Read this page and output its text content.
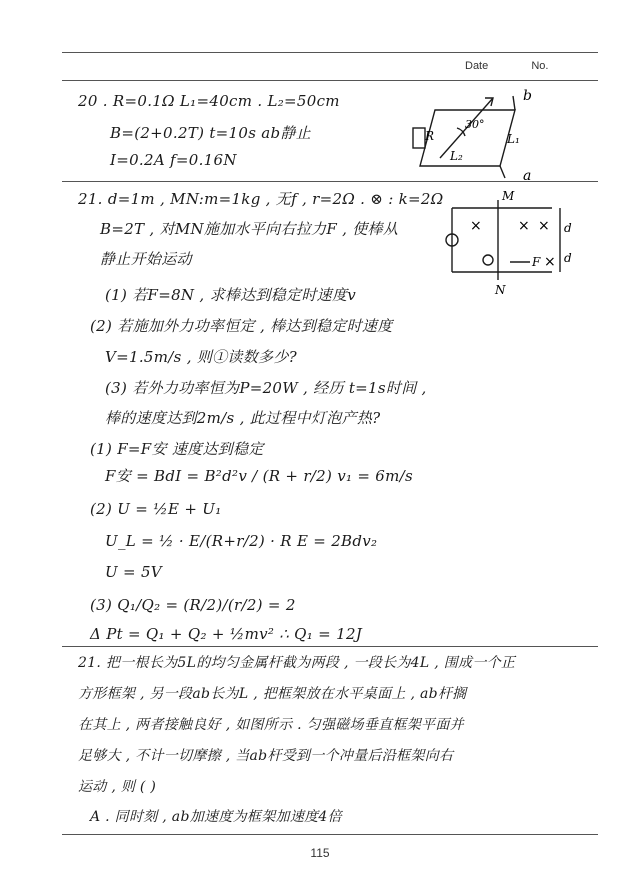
Date	No.
20 . R=0.1Ω L₁=40cm . L₂=50cm
B=(2+0.2T) t=10s ab静止
I=0.2A f=0.16N
21. d=1m , MN:m=1kg , 无f , r=2Ω . ⊗ : k=2Ω
B=2T , 对MN施加水平向右拉力F , 使棒从
静止开始运动
(1) 若F=8N , 求棒达到稳定时速度v
(2) 若施加外力功率恒定 , 棒达到稳定时速度
V=1.5m/s , 则①读数多少?
(3) 若外力功率恒为P=20W , 经历 t=1s时间 ,
棒的速度达到2m/s , 此过程中灯泡产热?
(1) F=F安 速度达到稳定
F安 = BdI = B²d²v / (R + r/2) v₁ = 6m/s
(2) U = ½E + U₁
U_L = ½ · E/(R+r/2) · R E = 2Bdv₂
U = 5V
(3) Q₁/Q₂ = (R/2)/(r/2) = 2
Δ Pt = Q₁ + Q₂ + ½mv² ∴ Q₁ = 12J
21. 把一根长为5L的均匀金属杆截为两段 , 一段长为4L , 围成一个正
方形框架 , 另一段ab长为L , 把框架放在水平桌面上 , ab杆搁
在其上 , 两者接触良好 , 如图所示 . 匀强磁场垂直框架平面并
足够大 , 不计一切摩擦 , 当ab杆受到一个冲量后沿框架向右
运动 , 则 ( )
A . 同时刻 , ab加速度为框架加速度4倍
b
a
R
30°
L₁
L₂
M
N
d
d
F
×	× ×
×
115
